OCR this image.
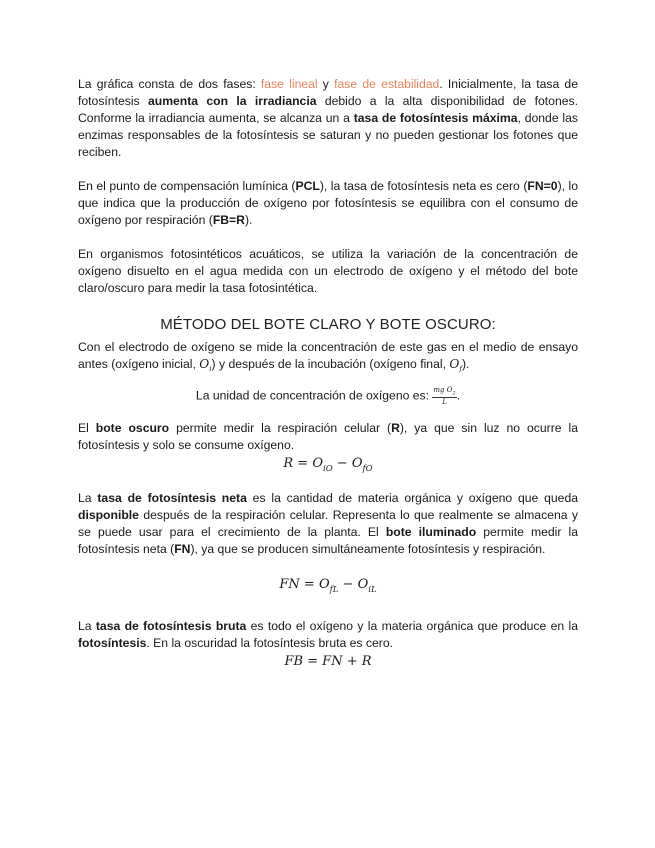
La gráfica consta de dos fases: fase lineal y fase de estabilidad. Inicialmente, la tasa de fotosíntesis aumenta con la irradiancia debido a la alta disponibilidad de fotones. Conforme la irradiancia aumenta, se alcanza un a tasa de fotosíntesis máxima, donde las enzimas responsables de la fotosíntesis se saturan y no pueden gestionar los fotones que reciben.

En el punto de compensación lumínica (PCL), la tasa de fotosíntesis neta es cero (FN=0), lo que indica que la producción de oxígeno por fotosíntesis se equilibra con el consumo de oxígeno por respiración (FB=R).

En organismos fotosintéticos acuáticos, se utiliza la variación de la concentración de oxígeno disuelto en el agua medida con un electrodo de oxígeno y el método del bote claro/oscuro para medir la tasa fotosintética.

MÉTODO DEL BOTE CLARO Y BOTE OSCURO:

Con el electrodo de oxígeno se mide la concentración de este gas en el medio de ensayo antes (oxígeno inicial, $O_i$) y después de la incubación (oxígeno final, $O_f$).

La unidad de concentración de oxígeno es: $\frac{mg O_2}{L}$ .

El bote oscuro permite medir la respiración celular (R), ya que sin luz no ocurre la fotosíntesis y solo se consume oxígeno.

$R = O_{iO} - O_{fO}$

La tasa de fotosíntesis neta es la cantidad de materia orgánica y oxígeno que queda disponible después de la respiración celular. Representa lo que realmente se almacena y se puede usar para el crecimiento de la planta. El bote iluminado permite medir la fotosíntesis neta (FN), ya que se producen simultáneamente fotosíntesis y respiración.

FN = $O_{fL} - O_{iL}$

La tasa de fotosíntesis bruta es todo el oxígeno y la materia orgánica que produce en la fotosíntesis. En la oscuridad la fotosíntesis bruta es cero.

FB = FN + R
